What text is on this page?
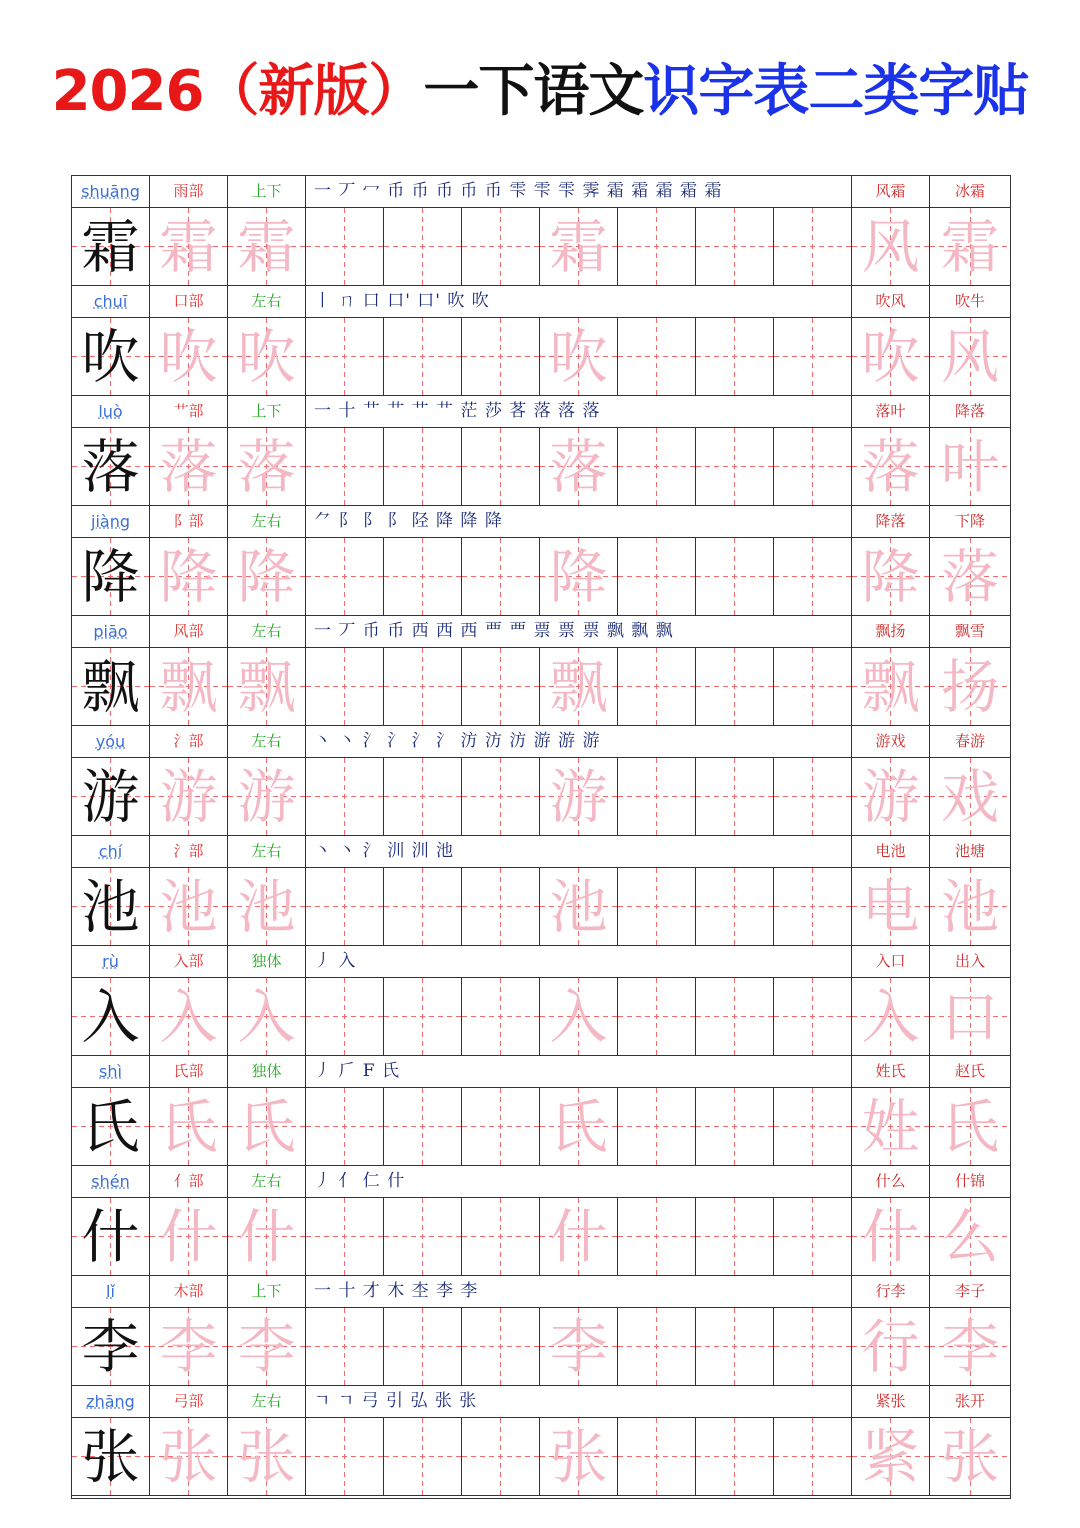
2026（新版）一下语文识字表二类字贴
shuāng	雨部	上下	一 丆 冖 币 币 币 币 币 雫 雫 雫 霁 霜 霜 霜 霜 霜	风霜	冰霜
霜 霜 霜	霜	风 霜
chuī	口部	左右	丨 ㄇ 口 口' 口' 吹 吹	吹风	吹牛
吹 吹 吹	吹	吹 风
luò	艹部	上下	一 十 艹 艹 艹 艹 茫 莎 茖 落 落 落	落叶	降落
落 落 落	落	落 叶
jiàng	阝部	左右	⺈ 阝 阝 阝 陉 降 降 降	降落	下降
降 降 降	降	降 落
piāo	风部	左右	一 丆 币 币 西 西 西 覀 覀 票 票 票 飘 飘 飘	飘扬	飘雪
飘 飘 飘	飘	飘 扬
yóu	氵部	左右	丶 丶 氵 氵 氵 氵 汸 汸 汸 游 游 游	游戏	春游
游 游 游	游	游 戏
chí	氵部	左右	丶 丶 氵 汌 汌 池	电池	池塘
池 池 池	池	电 池
rù	入部	独体	丿 入	入口	出入
入 入 入	入	入 口
shì	氏部	独体	丿 𠂆 F 氏	姓氏	赵氏
氏 氏 氏	氏	姓 氏
shén	亻部	左右	丿 亻 仁 什	什么	什锦
什 什 什	什	什 么
lǐ	木部	上下	一 十 才 木 杢 李 李	行李	李子
李 李 李	李	行 李
zhāng	弓部	左右	ㄱ ㄱ 弓 引 弘 张 张	紧张	张开
张 张 张	张	紧 张
